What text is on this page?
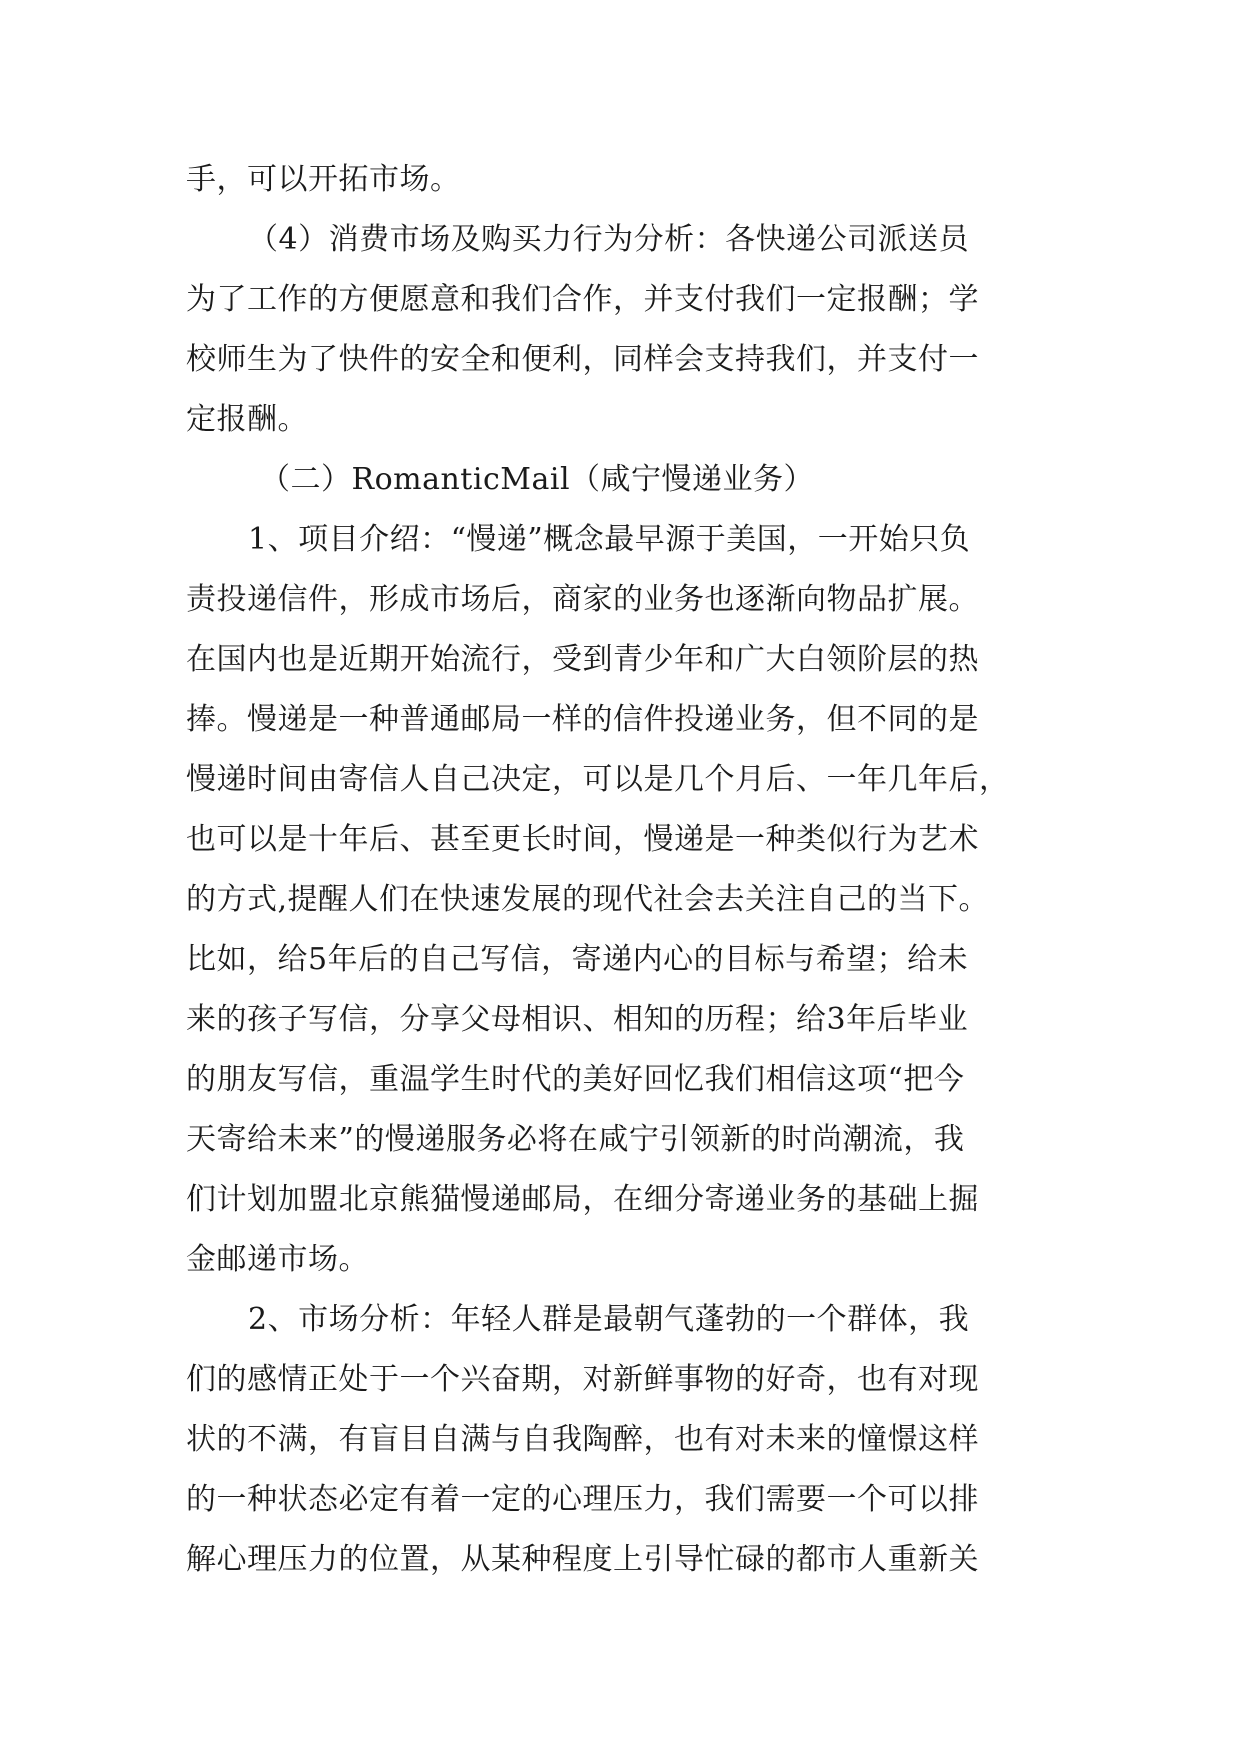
手，可以开拓市场。
（4）消费市场及购买力行为分析：各快递公司派送员
为了工作的方便愿意和我们合作，并支付我们一定报酬；学
校师生为了快件的安全和便利，同样会支持我们，并支付一
定报酬。
（二）RomanticMail（咸宁慢递业务）
1、项目介绍：“慢递”概念最早源于美国，一开始只负
责投递信件，形成市场后，商家的业务也逐渐向物品扩展。
在国内也是近期开始流行，受到青少年和广大白领阶层的热
捧。慢递是一种普通邮局一样的信件投递业务，但不同的是
慢递时间由寄信人自己决定，可以是几个月后、一年几年后，
也可以是十年后、甚至更长时间，慢递是一种类似行为艺术
的方式,提醒人们在快速发展的现代社会去关注自己的当下。
比如，给5年后的自己写信，寄递内心的目标与希望；给未
来的孩子写信，分享父母相识、相知的历程；给3年后毕业
的朋友写信，重温学生时代的美好回忆我们相信这项“把今
天寄给未来”的慢递服务必将在咸宁引领新的时尚潮流，我
们计划加盟北京熊猫慢递邮局，在细分寄递业务的基础上掘
金邮递市场。
2、市场分析：年轻人群是最朝气蓬勃的一个群体，我
们的感情正处于一个兴奋期，对新鲜事物的好奇，也有对现
状的不满，有盲目自满与自我陶醉，也有对未来的憧憬这样
的一种状态必定有着一定的心理压力，我们需要一个可以排
解心理压力的位置，从某种程度上引导忙碌的都市人重新关
